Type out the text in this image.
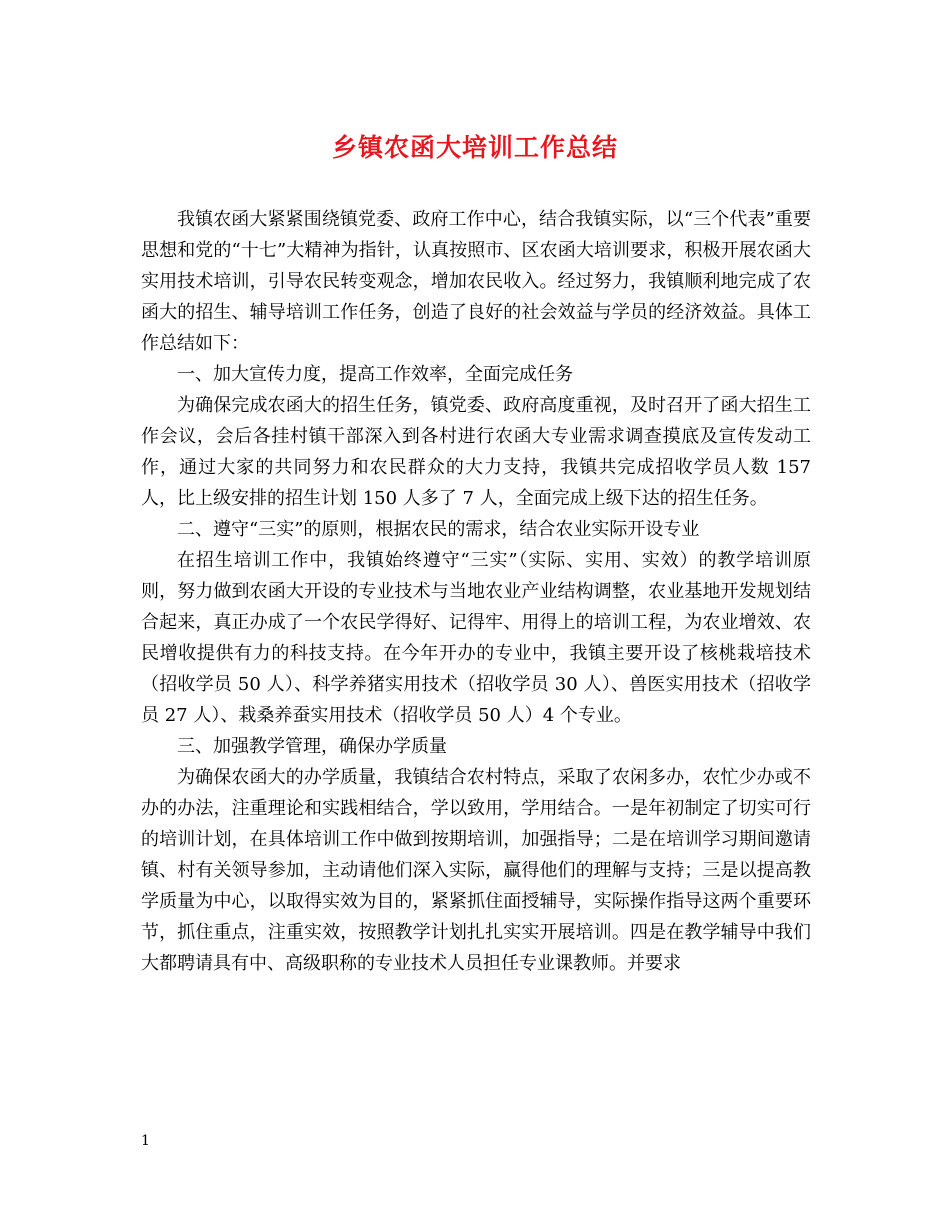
乡镇农函大培训工作总结

我镇农函大紧紧围绕镇党委、政府工作中心，结合我镇实际，以“三个代表”重要思想和党的“十七”大精神为指针，认真按照市、区农函大培训要求，积极开展农函大实用技术培训，引导农民转变观念，增加农民收入。经过努力，我镇顺利地完成了农函大的招生、辅导培训工作任务，创造了良好的社会效益与学员的经济效益。具体工作总结如下：

一、加大宣传力度，提高工作效率，全面完成任务

为确保完成农函大的招生任务，镇党委、政府高度重视，及时召开了函大招生工作会议，会后各挂村镇干部深入到各村进行农函大专业需求调查摸底及宣传发动工作，通过大家的共同努力和农民群众的大力支持，我镇共完成招收学员人数 157 人，比上级安排的招生计划 150 人多了 7 人，全面完成上级下达的招生任务。

二、遵守“三实”的原则，根据农民的需求，结合农业实际开设专业

在招生培训工作中，我镇始终遵守“三实”（实际、实用、实效）的教学培训原则，努力做到农函大开设的专业技术与当地农业产业结构调整，农业基地开发规划结合起来，真正办成了一个农民学得好、记得牢、用得上的培训工程，为农业增效、农民增收提供有力的科技支持。在今年开办的专业中，我镇主要开设了核桃栽培技术（招收学员 50 人）、科学养猪实用技术（招收学员 30 人）、兽医实用技术（招收学员 27 人）、栽桑养蚕实用技术（招收学员 50 人）4 个专业。

三、加强教学管理，确保办学质量

为确保农函大的办学质量，我镇结合农村特点，采取了农闲多办，农忙少办或不办的办法，注重理论和实践相结合，学以致用，学用结合。一是年初制定了切实可行的培训计划，在具体培训工作中做到按期培训，加强指导；二是在培训学习期间邀请镇、村有关领导参加，主动请他们深入实际，赢得他们的理解与支持；三是以提高教学质量为中心，以取得实效为目的，紧紧抓住面授辅导，实际操作指导这两个重要环节，抓住重点，注重实效，按照教学计划扎扎实实开展培训。四是在教学辅导中我们大都聘请具有中、高级职称的专业技术人员担任专业课教师。并要求

1
